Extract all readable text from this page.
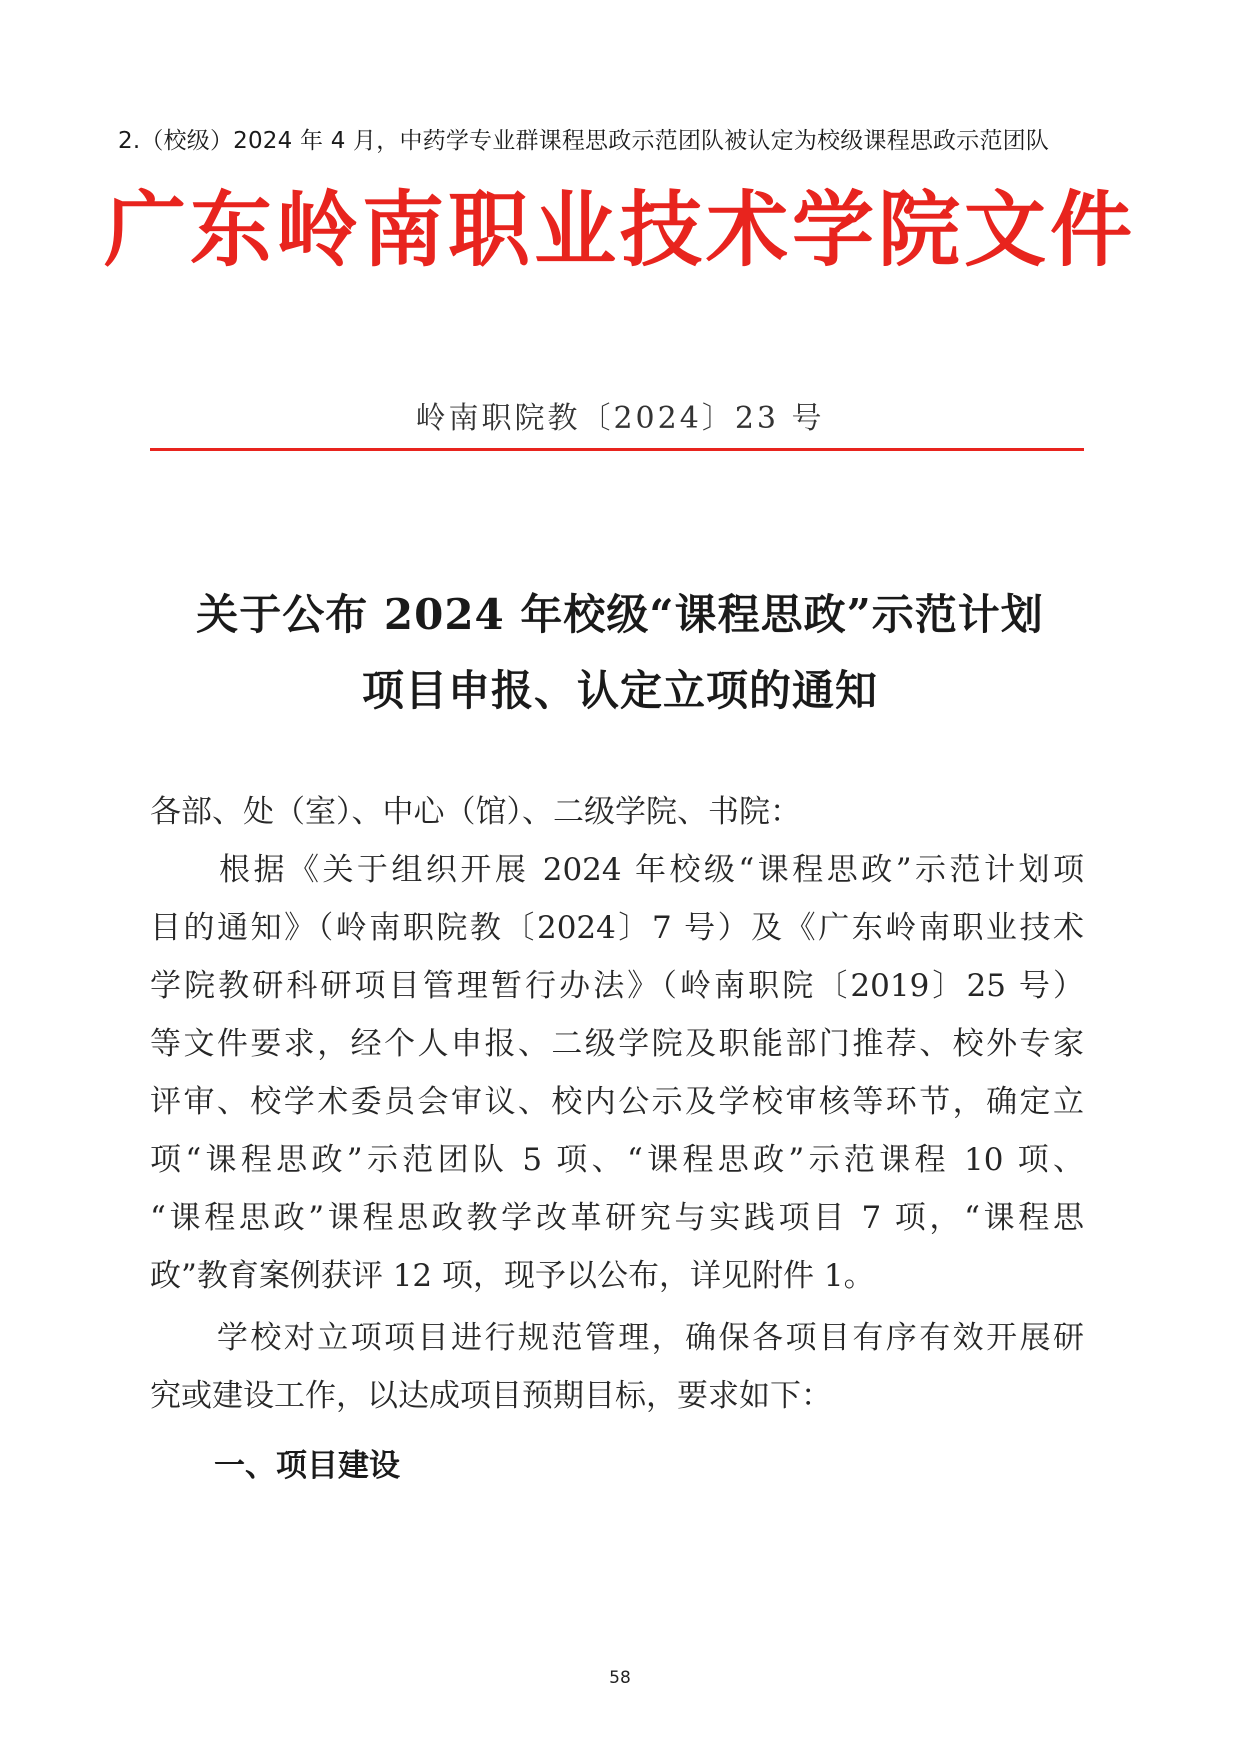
2.（校级）2024 年 4 月，中药学专业群课程思政示范团队被认定为校级课程思政示范团队
广东岭南职业技术学院文件
岭南职院教〔2024〕23 号
关于公布 2024 年校级“课程思政”示范计划
项目申报、认定立项的通知
各部、处（室）、中心（馆）、二级学院、书院：
　　根据《关于组织开展 2024 年校级“课程思政”示范计划项
目的通知》（岭南职院教〔2024〕7 号）及《广东岭南职业技术
学院教研科研项目管理暂行办法》（岭南职院〔2019〕25 号）
等文件要求，经个人申报、二级学院及职能部门推荐、校外专家
评审、校学术委员会审议、校内公示及学校审核等环节，确定立
项“课程思政”示范团队 5 项、“课程思政”示范课程 10 项、
“课程思政”课程思政教学改革研究与实践项目 7 项，“课程思
政”教育案例获评 12 项，现予以公布，详见附件 1。
　　学校对立项项目进行规范管理，确保各项目有序有效开展研
究或建设工作，以达成项目预期目标，要求如下：
一、项目建设
58
